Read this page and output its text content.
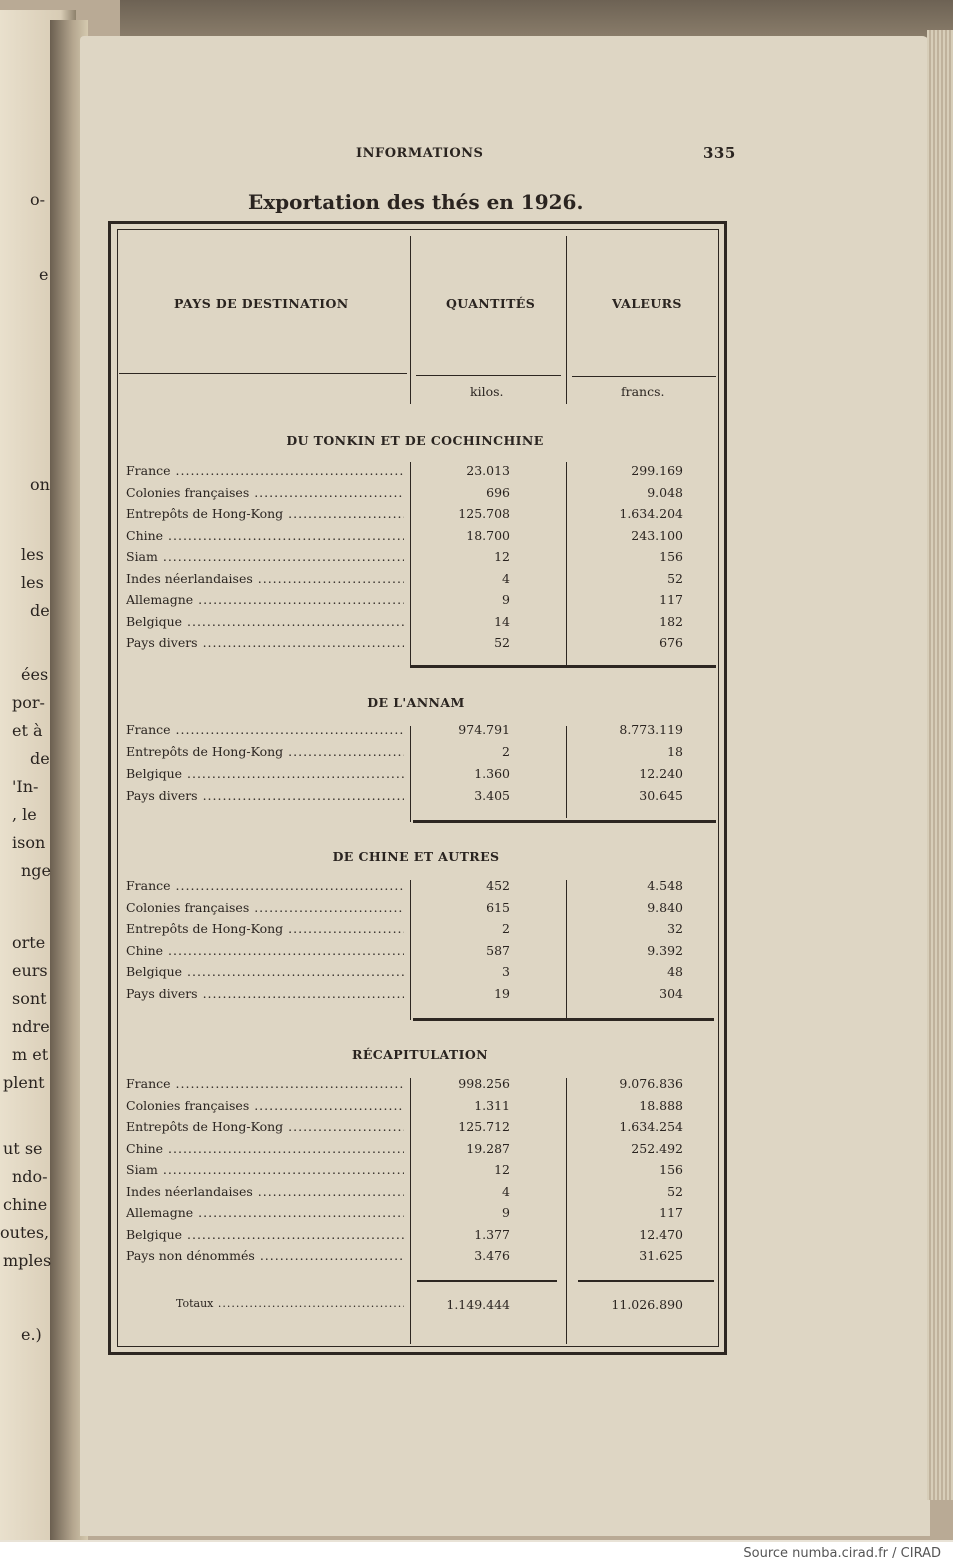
o-
e
on
les
les
de
ées
por-
et à
de
'In-
, le
ison
nge
orte
eurs
sont
ndre
m et
plent
ut se
ndo-
chine
outes,
mples
e.)
INFORMATIONS	335
Exportation des thés en 1926.
PAYS DE DESTINATION	QUANTITÉS	VALEURS
kilos.	francs.
DU TONKIN ET DE COCHINCHINE
France .....	23.013	299.169
Colonies françaises .....	696	9.048
Entrepôts de Hong-Kong .....	125.708	1.634.204
Chine .....	18.700	243.100
Siam .....	12	156
Indes néerlandaises .....	4	52
Allemagne .....	9	117
Belgique .....	14	182
Pays divers .....	52	676
DE L'ANNAM
France .....	974.791	8.773.119
Entrepôts de Hong-Kong .....	2	18
Belgique .....	1.360	12.240
Pays divers .....	3.405	30.645
DE CHINE ET AUTRES
France .....	452	4.548
Colonies françaises .....	615	9.840
Entrepôts de Hong-Kong .....	2	32
Chine .....	587	9.392
Belgique .....	3	48
Pays divers .....	19	304
RÉCAPITULATION
France .....	998.256	9.076.836
Colonies françaises .....	1.311	18.888
Entrepôts de Hong-Kong .....	125.712	1.634.254
Chine .....	19.287	252.492
Siam .....	12	156
Indes néerlandaises .....	4	52
Allemagne .....	9	117
Belgique .....	1.377	12.470
Pays non dénommés .....	3.476	31.625
Totaux .....	1.149.444	11.026.890
Source numba.cirad.fr / CIRAD
